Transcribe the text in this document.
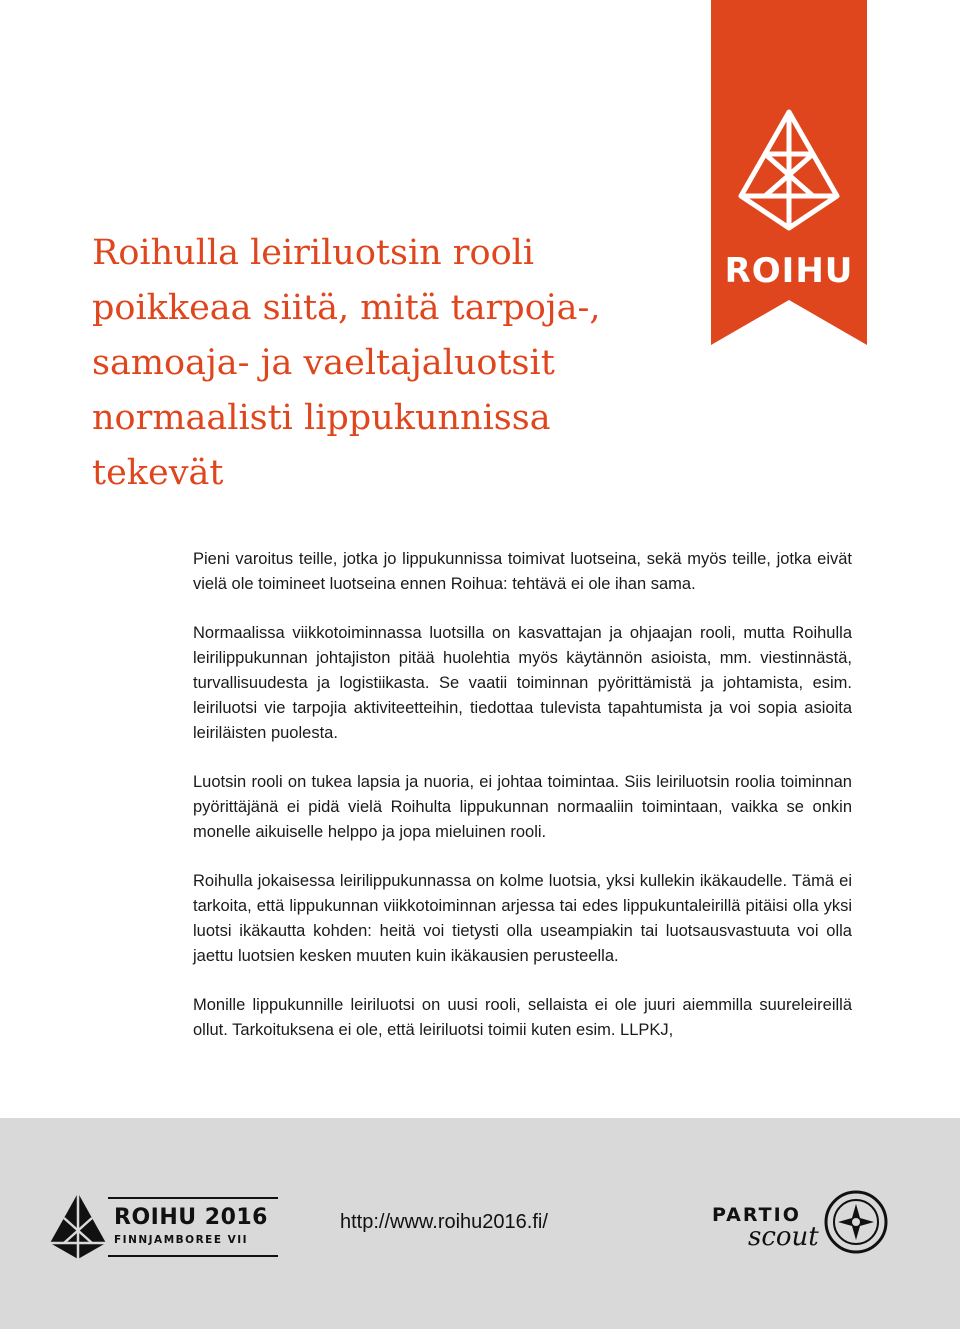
ROIHU
Roihulla leiriluotsin rooli
poikkeaa siitä, mitä tarpoja-,
samoaja- ja vaeltajaluotsit
normaalisti lippukunnissa
tekevät

Pieni varoitus teille, jotka jo lippukunnissa toimivat luotseina, sekä myös teille, jotka eivät vielä ole toimineet luotseina ennen Roihua: tehtävä ei ole ihan sama.

Normaalissa viikkotoiminnassa luotsilla on kasvattajan ja ohjaajan rooli, mutta Roihulla leirilippukunnan johtajiston pitää huolehtia myös käytännön asioista, mm. viestinnästä, turvallisuudesta ja logistiikasta. Se vaatii toiminnan pyörittämistä ja johtamista, esim. leiriluotsi vie tarpojia aktiviteetteihin, tiedottaa tulevista tapahtumista ja voi sopia asioita leiriläisten puolesta.

Luotsin rooli on tukea lapsia ja nuoria, ei johtaa toimintaa. Siis leiriluotsin roolia toiminnan pyörittäjänä ei pidä vielä Roihulta lippukunnan normaaliin toimintaan, vaikka se onkin monelle aikuiselle helppo ja jopa mieluinen rooli.

Roihulla jokaisessa leirilippukunnassa on kolme luotsia, yksi kullekin ikäkaudelle. Tämä ei tarkoita, että lippukunnan viikkotoiminnan arjessa tai edes lippukuntaleirillä pitäisi olla yksi luotsi ikäkautta kohden: heitä voi tietysti olla useampiakin tai luotsausvastuuta voi olla jaettu luotsien kesken muuten kuin ikäkausien perusteella.

Monille lippukunnille leiriluotsi on uusi rooli, sellaista ei ole juuri aiemmilla suureleireillä ollut. Tarkoituksena ei ole, että leiriluotsi toimii kuten esim. LLPKJ,

ROIHU 2016
FINNJAMBOREE VII
http://www.roihu2016.fi/	PARTIO
scout
